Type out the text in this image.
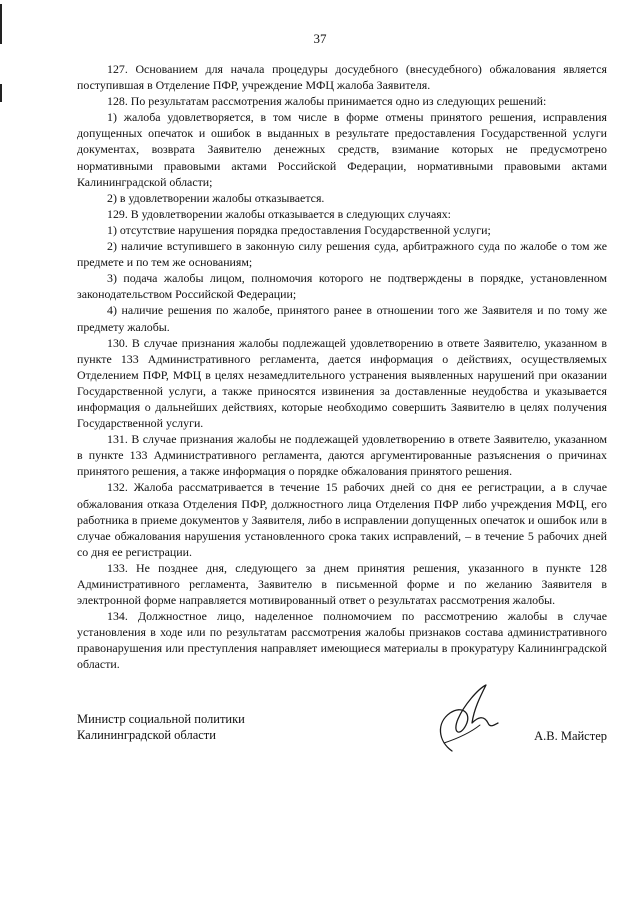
37

127. Основанием для начала процедуры досудебного (внесудебного) обжалования является поступившая в Отделение ПФР, учреждение МФЦ жалоба Заявителя.

128. По результатам рассмотрения жалобы принимается одно из следующих решений:

1) жалоба удовлетворяется, в том числе в форме отмены принятого решения, исправления допущенных опечаток и ошибок в выданных в результате предоставления Государственной услуги документах, возврата Заявителю денежных средств, взимание которых не предусмотрено нормативными правовыми актами Российской Федерации, нормативными правовыми актами Калининградской области;

2) в удовлетворении жалобы отказывается.

129. В удовлетворении жалобы отказывается в следующих случаях:

1) отсутствие нарушения порядка предоставления Государственной услуги;

2) наличие вступившего в законную силу решения суда, арбитражного суда по жалобе о том же предмете и по тем же основаниям;

3) подача жалобы лицом, полномочия которого не подтверждены в порядке, установленном законодательством Российской Федерации;

4) наличие решения по жалобе, принятого ранее в отношении того же Заявителя и по тому же предмету жалобы.

130. В случае признания жалобы подлежащей удовлетворению в ответе Заявителю, указанном в пункте 133 Административного регламента, дается информация о действиях, осуществляемых Отделением ПФР, МФЦ в целях незамедлительного устранения выявленных нарушений при оказании Государственной услуги, а также приносятся извинения за доставленные неудобства и указывается информация о дальнейших действиях, которые необходимо совершить Заявителю в целях получения Государственной услуги.

131. В случае признания жалобы не подлежащей удовлетворению в ответе Заявителю, указанном в пункте 133 Административного регламента, даются аргументированные разъяснения о причинах принятого решения, а также информация о порядке обжалования принятого решения.

132. Жалоба рассматривается в течение 15 рабочих дней со дня ее регистрации, а в случае обжалования отказа Отделения ПФР, должностного лица Отделения ПФР либо учреждения МФЦ, его работника в приеме документов у Заявителя, либо в исправлении допущенных опечаток и ошибок или в случае обжалования нарушения установленного срока таких исправлений, – в течение 5 рабочих дней со дня ее регистрации.

133. Не позднее дня, следующего за днем принятия решения, указанного в пункте 128 Административного регламента, Заявителю в письменной форме и по желанию Заявителя в электронной форме направляется мотивированный ответ о результатах рассмотрения жалобы.

134. Должностное лицо, наделенное полномочием по рассмотрению жалобы в случае установления в ходе или по результатам рассмотрения жалобы признаков состава административного правонарушения или преступления направляет имеющиеся материалы в прокуратуру Калининградской области.

Министр социальной политики
Калининградской области	А.В. Майстер
